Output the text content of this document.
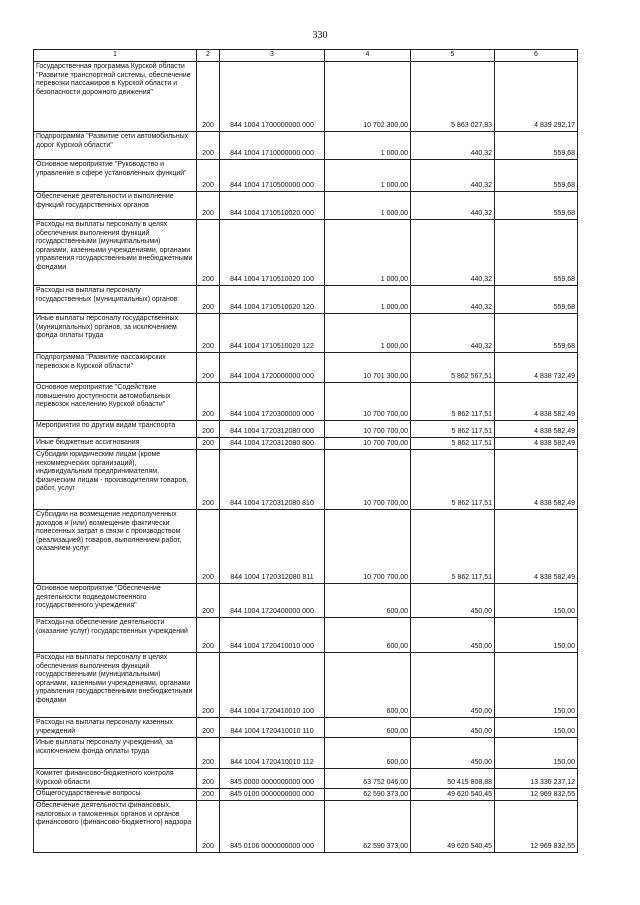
330
1	2	3	4	5	6
Государственная программа Курской области "Развитие транспортной системы, обеспечение перевозки пассажиров в Курской области и безопасности дорожного движения"	200	844 1004 1700000000 000	10 702 300,00	5 863 027,83	4 839 292,17
Подпрограмма "Развитие сети автомобильных дорог Курской области"	200	844 1004 1710000000 000	1 000,00	440,32	559,68
Основное мероприятие "Руководство и управление в сфере установленных функций"	200	844 1004 1710500000 000	1 000,00	440,32	559,68
Обеспечение деятельности и выполнение функций государственных органов	200	844 1004 1710510020 000	1 000,00	440,32	559,68
Расходы на выплаты персоналу в целях обеспечения выполнения функций государственными (муниципальными) органами, казенными учреждениями, органами управления государственными внебюджетными фондами	200	844 1004 1710510020 100	1 000,00	440,32	559,68
Расходы на выплаты персоналу государственных (муниципальных) органов	200	844 1004 1710510020 120	1 000,00	440,32	559,68
Иные выплаты персоналу государственных (муниципальных) органов, за исключением фонда оплаты труда	200	844 1004 1710510020 122	1 000,00	440,32	559,68
Подпрограмма "Развитие пассажирских перевозок в Курской области"	200	844 1004 1720000000 000	10 701 300,00	5 862 567,51	4 838 732,49
Основное мероприятие "Содействие повышению доступности автомобильных перевозок населению Курской области"	200	844 1004 1720300000 000	10 700 700,00	5 862 117,51	4 838 582,49
Мероприятия по другим видам транспорта	200	844 1004 1720312080 000	10 700 700,00	5 862 117,51	4 838 582,49
Иные бюджетные ассигнования	200	844 1004 1720312080 800	10 700 700,00	5 862 117,51	4 838 582,49
Субсидии юридическим лицам (кроме некоммерческих организаций), индивидуальным предпринимателям, физическим лицам - производителям товаров, работ, услуг	200	844 1004 1720312080 810	10 700 700,00	5 862 117,51	4 838 582,49
Субсидии на возмещение недополученных доходов и (или) возмещение фактически понесенных затрат в связи с производством (реализацией) товаров, выполнением работ, оказанием услуг	200	844 1004 1720312080 811	10 700 700,00	5 862 117,51	4 838 582,49
Основное мероприятие "Обеспечение деятельности подведомственного государственного учреждения"	200	844 1004 1720400000 000	600,00	450,00	150,00
Расходы на обеспечение деятельности (оказание услуг) государственных учреждений	200	844 1004 1720410010 000	600,00	450,00	150,00
Расходы на выплаты персоналу в целях обеспечения выполнения функций государственными (муниципальными) органами, казенными учреждениями, органами управления государственными внебюджетными фондами	200	844 1004 1720410010 100	600,00	450,00	150,00
Расходы на выплаты персоналу казенных учреждений	200	844 1004 1720410010 110	600,00	450,00	150,00
Иные выплаты персоналу учреждений, за исключением фонда оплаты труда	200	844 1004 1720410010 112	600,00	450,00	150,00
Комитет финансово-бюджетного контроля Курской области	200	845 0000 0000000000 000	63 752 046,00	50 415 808,88	13 336 237,12
Общегосударственные вопросы	200	845 0100 0000000000 000	62 590 373,00	49 620 540,45	12 969 832,55
Обеспечение деятельности финансовых, налоговых и таможенных органов и органов финансового (финансово-бюджетного) надзора	200	845 0106 0000000000 000	62 590 373,00	49 620 540,45	12 969 832,55
